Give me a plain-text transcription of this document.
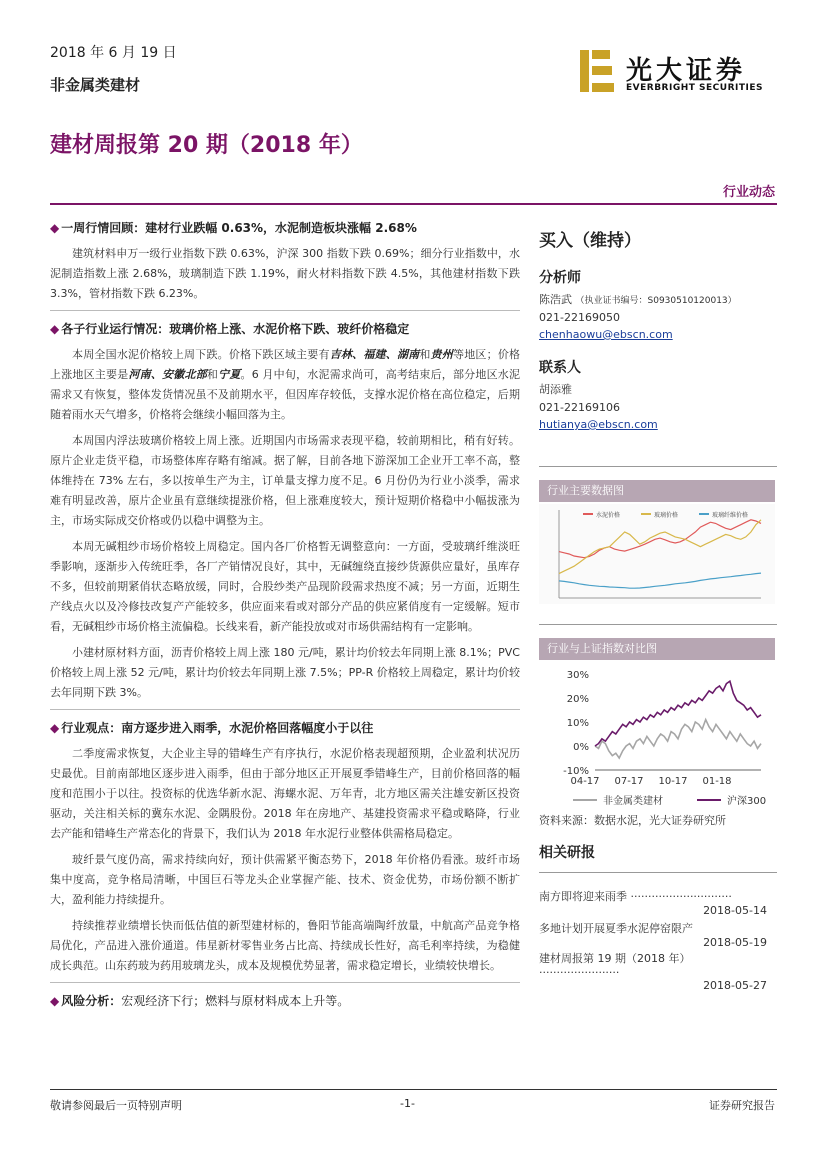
2018 年 6 月 19 日
非金属类建材	光大证券
EVERBRIGHT SECURITIES
建材周报第 20 期（2018 年）
行业动态
◆ 一周行情回顾：建材行业跌幅 0.63%，水泥制造板块涨幅 2.68%
建筑材料申万一级行业指数下跌 0.63%，沪深 300 指数下跌 0.69%；细分行业指数中，水泥制造指数上涨 2.68%，玻璃制造下跌 1.19%，耐火材料指数下跌 4.5%，其他建材指数下跌 3.3%，管材指数下跌 6.23%。
◆ 各子行业运行情况：玻璃价格上涨、水泥价格下跌、玻纤价格稳定
本周全国水泥价格较上周下跌。价格下跌区域主要有吉林、福建、湖南和贵州等地区；价格上涨地区主要是河南、安徽北部和宁夏。6 月中旬，水泥需求尚可，高考结束后，部分地区水泥需求又有恢复，整体发货情况虽不及前期水平，但因库存较低，支撑水泥价格在高位稳定，后期随着雨水天气增多，价格将会继续小幅回落为主。
本周国内浮法玻璃价格较上周上涨。近期国内市场需求表现平稳，较前期相比，稍有好转。原片企业走货平稳，市场整体库存略有缩减。据了解，目前各地下游深加工企业开工率不高，整体维持在 73% 左右，多以按单生产为主，订单量支撑力度不足。6 月份仍为行业小淡季，需求难有明显改善，原片企业虽有意继续提涨价格，但上涨难度较大，预计短期价格稳中小幅拔涨为主，市场实际成交价格或仍以稳中调整为主。
本周无碱粗纱市场价格较上周稳定。国内各厂价格暂无调整意向：一方面，受玻璃纤维淡旺季影响，逐渐步入传统旺季，各厂产销情况良好，其中，无碱缠绕直接纱货源供应量好，虽库存不多，但较前期紧俏状态略放缓，同时，合股纱类产品现阶段需求热度不减；另一方面，近期生产线点火以及冷修技改复产产能较多，供应面来看或对部分产品的供应紧俏度有一定缓解。短市看，无碱粗纱市场价格主流偏稳。长线来看，新产能投放或对市场供需结构有一定影响。
小建材原材料方面，沥青价格较上周上涨 180 元/吨，累计均价较去年同期上涨 8.1%；PVC 价格较上周上涨 52 元/吨，累计均价较去年同期上涨 7.5%；PP-R 价格较上周稳定，累计均价较去年同期下跌 3%。
◆ 行业观点：南方逐步进入雨季，水泥价格回落幅度小于以往
二季度需求恢复，大企业主导的错峰生产有序执行，水泥价格表现超预期，企业盈利状况历史最优。目前南部地区逐步进入雨季，但由于部分地区正开展夏季错峰生产，目前价格回落的幅度和范围小于以往。投资标的优选华新水泥、海螺水泥、万年青，北方地区需关注雄安新区投资驱动，关注相关标的冀东水泥、金隅股份。2018 年在房地产、基建投资需求平稳或略降，行业去产能和错峰生产常态化的背景下，我们认为 2018 年水泥行业整体供需格局稳定。
玻纤景气度仍高，需求持续向好，预计供需紧平衡态势下，2018 年价格仍看涨。玻纤市场集中度高，竞争格局清晰，中国巨石等龙头企业掌握产能、技术、资金优势，市场份额不断扩大，盈利能力持续提升。
持续推荐业绩增长快而低估值的新型建材标的，鲁阳节能高端陶纤放量，中航高产品竞争格局优化，产品进入涨价通道。伟星新材零售业务占比高、持续成长性好，高毛利率持续，为稳健成长典范。山东药玻为药用玻璃龙头，成本及规模优势显著，需求稳定增长，业绩较快增长。
◆ 风险分析：宏观经济下行；燃料与原材料成本上升等。
买入（维持）
分析师
陈浩武 （执业证书编号：S0930510120013）
021-22169050
chenhaowu@ebscn.com
联系人
胡添雅
021-22169106
hutianya@ebscn.com
行业主要数据图
水泥价格	玻璃价格	玻璃纤维价格
行业与上证指数对比图
30%
20%
10%
0%
-10%
04-17 07-17 10-17 01-18
非金属类建材	沪深300
资料来源：数据水泥，光大证券研究所
相关研报
南方即将迎来雨季 ·····························
2018-05-14
多地计划开展夏季水泥停窑限产
2018-05-19
建材周报第 19 期（2018 年） ·······················
2018-05-27
敬请参阅最后一页特别声明	-1-	证券研究报告
